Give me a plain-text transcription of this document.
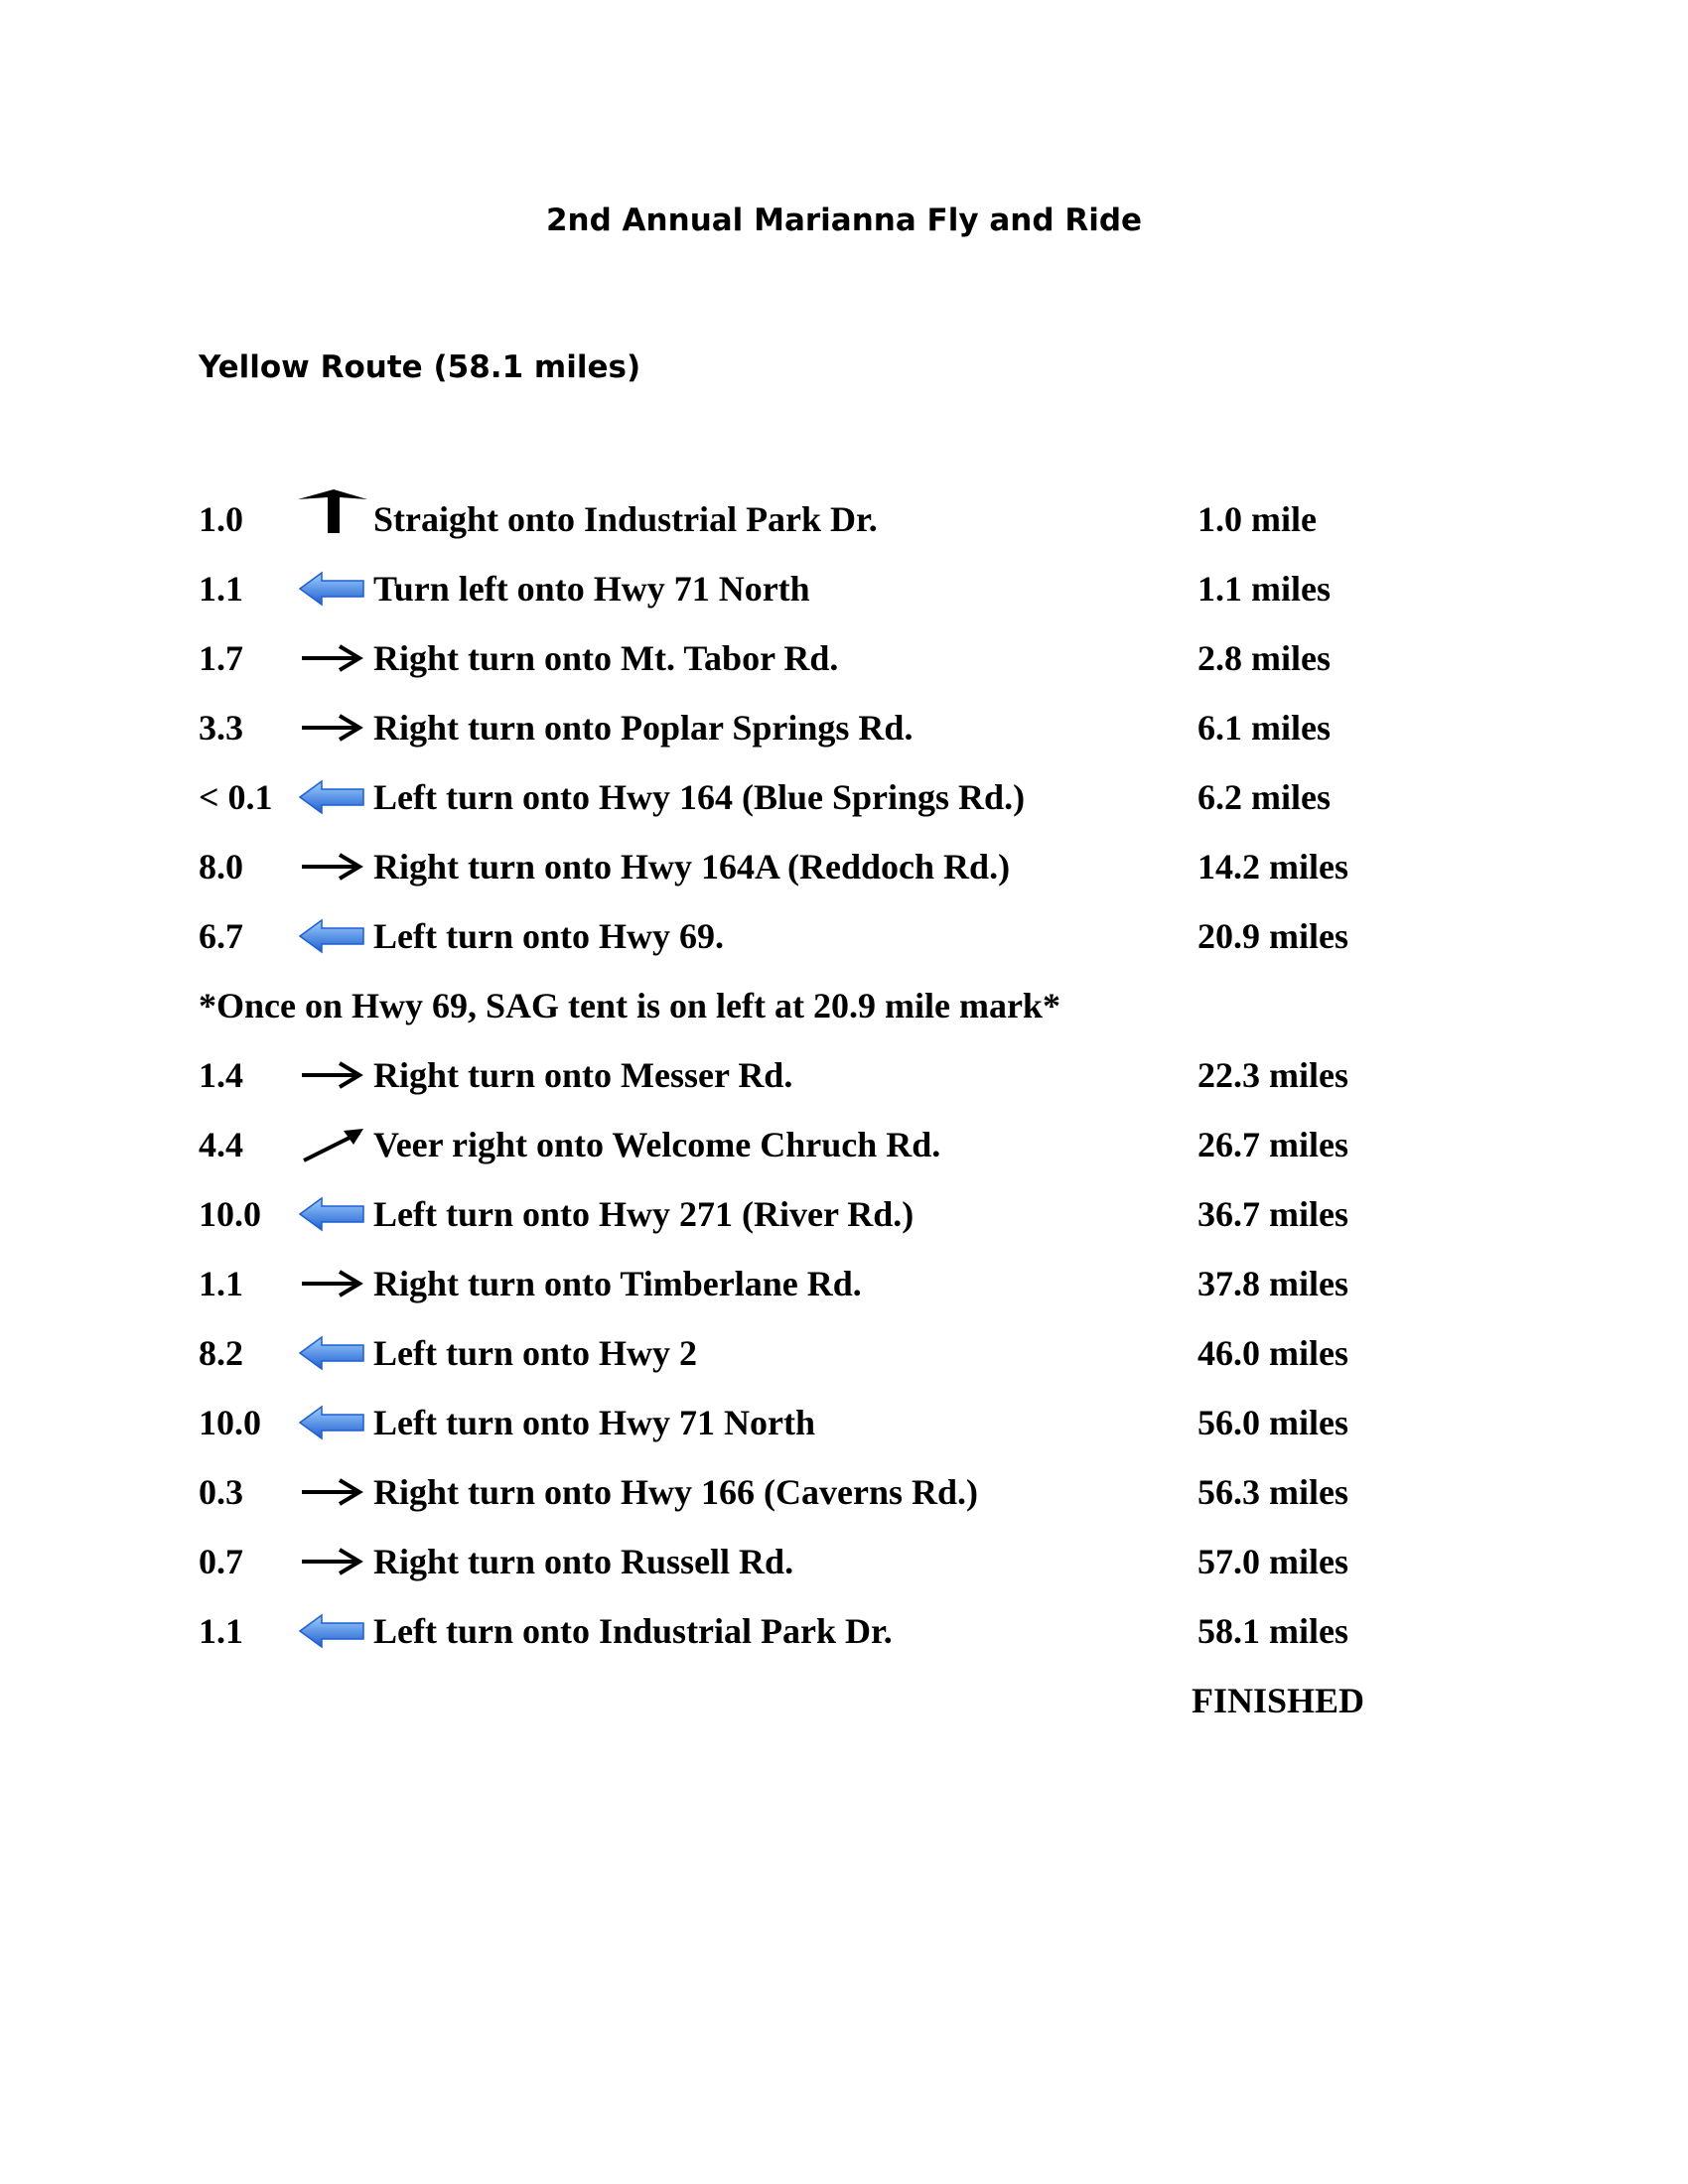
2nd Annual Marianna Fly and Ride
Yellow Route (58.1 miles)
1.0	Straight onto Industrial Park Dr.	1.0 mile
1.1	Turn left onto Hwy 71 North	1.1 miles
1.7	Right turn onto Mt. Tabor Rd.	2.8 miles
3.3	Right turn onto Poplar Springs Rd.	6.1 miles
< 0.1	Left turn onto Hwy 164 (Blue Springs Rd.)	6.2 miles
8.0	Right turn onto Hwy 164A (Reddoch Rd.)	14.2 miles
6.7	Left turn onto Hwy 69.	20.9 miles
*Once on Hwy 69, SAG tent is on left at 20.9 mile mark*
1.4	Right turn onto Messer Rd.	22.3 miles
4.4	Veer right onto Welcome Chruch Rd.	26.7 miles
10.0	Left turn onto Hwy 271 (River Rd.)	36.7 miles
1.1	Right turn onto Timberlane Rd.	37.8 miles
8.2	Left turn onto Hwy 2	46.0 miles
10.0	Left turn onto Hwy 71 North	56.0 miles
0.3	Right turn onto Hwy 166 (Caverns Rd.)	56.3 miles
0.7	Right turn onto Russell Rd.	57.0 miles
1.1	Left turn onto Industrial Park Dr.	58.1 miles
FINISHED
